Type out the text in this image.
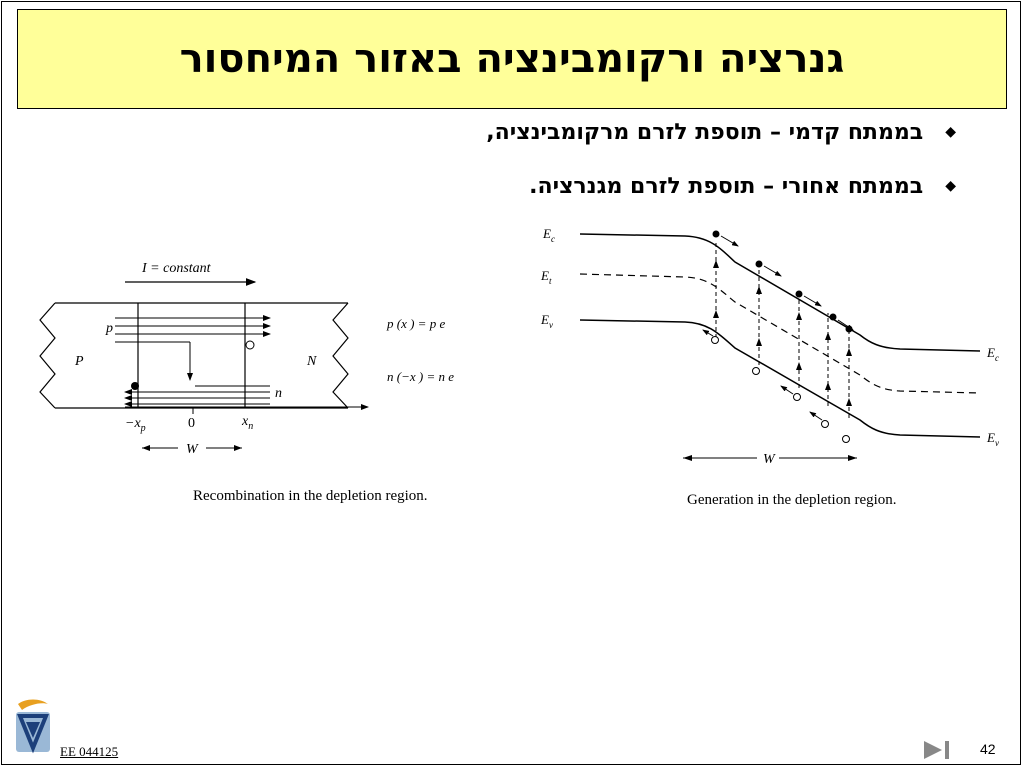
גנרציה ורקומבינציה באזור המיחסור
◆
בממתח קדמי – תוספת לזרם מרקומבינציה,
◆
בממתח אחורי – תוספת לזרם מגנרציה.
I = constant
p
n
P	N
$-x_p$	0	$x_n$
W
Recombination in the depletion region.
p (x ) = p e
n (−x ) = n e
$E_c$
$E_t$
$E_v$
$E_c$
$E_v$
W
Generation in the depletion region.
EE 044125	42
